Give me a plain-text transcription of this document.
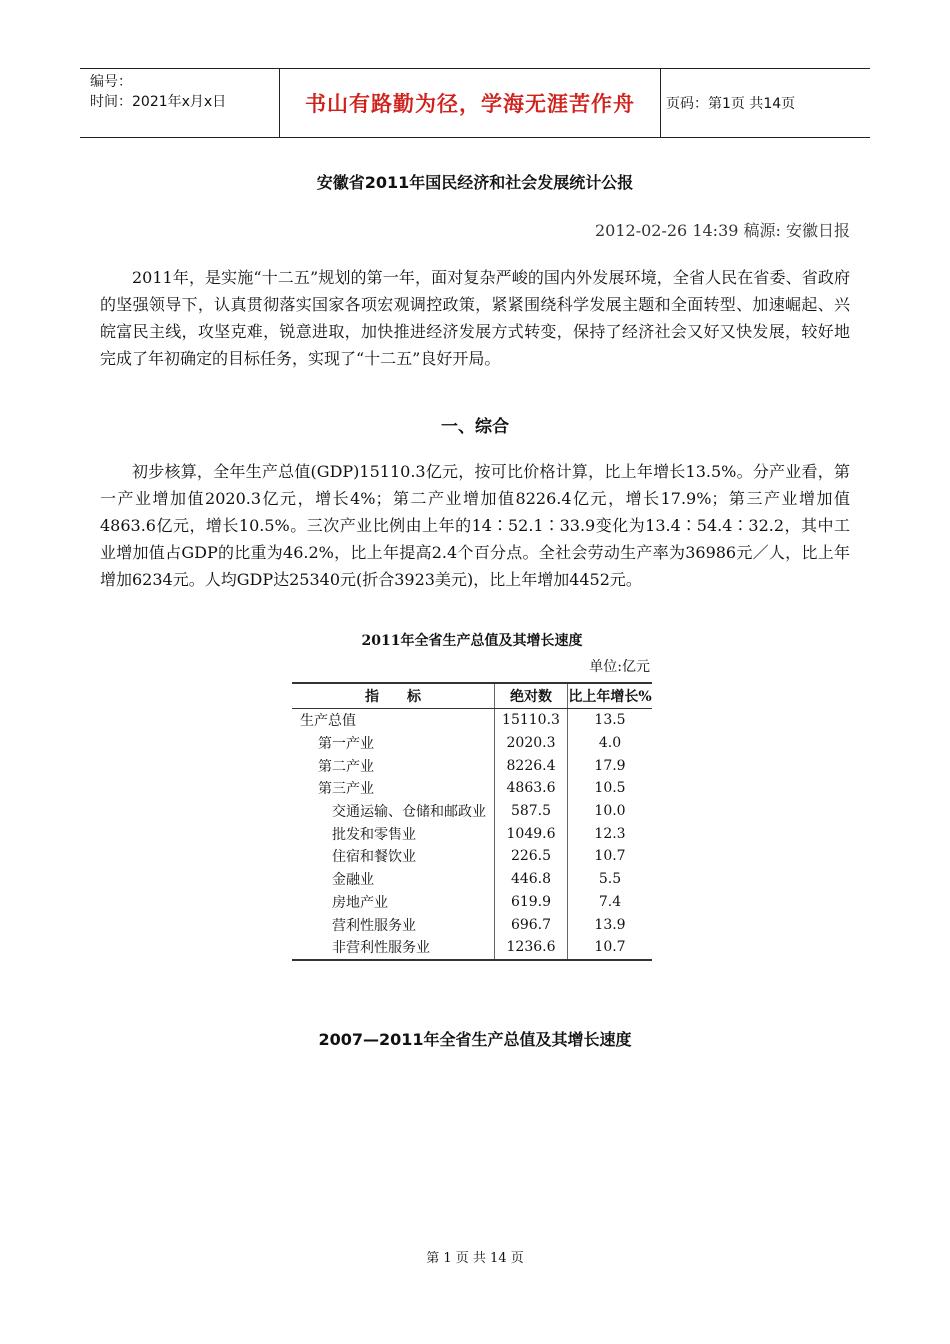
编号：
时间：2021年x月x日	书山有路勤为径，学海无涯苦作舟	页码：第1页 共14页
安徽省2011年国民经济和社会发展统计公报
2012-02-26 14:39 稿源: 安徽日报

2011年，是实施“十二五”规划的第一年，面对复杂严峻的国内外发展环境，全省人民在省委、省政府的坚强领导下，认真贯彻落实国家各项宏观调控政策，紧紧围绕科学发展主题和全面转型、加速崛起、兴皖富民主线，攻坚克难，锐意进取，加快推进经济发展方式转变，保持了经济社会又好又快发展，较好地完成了年初确定的目标任务，实现了“十二五”良好开局。

一、综合

初步核算，全年生产总值(GDP)15110.3亿元，按可比价格计算，比上年增长13.5%。分产业看，第一产业增加值2020.3亿元，增长4%；第二产业增加值8226.4亿元，增长17.9%；第三产业增加值4863.6亿元，增长10.5%。三次产业比例由上年的14∶52.1∶33.9变化为13.4∶54.4∶32.2，其中工业增加值占GDP的比重为46.2%，比上年提高2.4个百分点。全社会劳动生产率为36986元／人，比上年增加6234元。人均GDP达25340元(折合3923美元)，比上年增加4452元。

2011年全省生产总值及其增长速度
单位:亿元
指　　标	绝对数	比上年增长%
生产总值	15110.3	13.5
第一产业	2020.3	4.0
第二产业	8226.4	17.9
第三产业	4863.6	10.5
交通运输、仓储和邮政业	587.5	10.0
批发和零售业	1049.6	12.3
住宿和餐饮业	226.5	10.7
金融业	446.8	5.5
房地产业	619.9	7.4
营利性服务业	696.7	13.9
非营利性服务业	1236.6	10.7
2007—2011年全省生产总值及其增长速度
第 1 页 共 14 页
